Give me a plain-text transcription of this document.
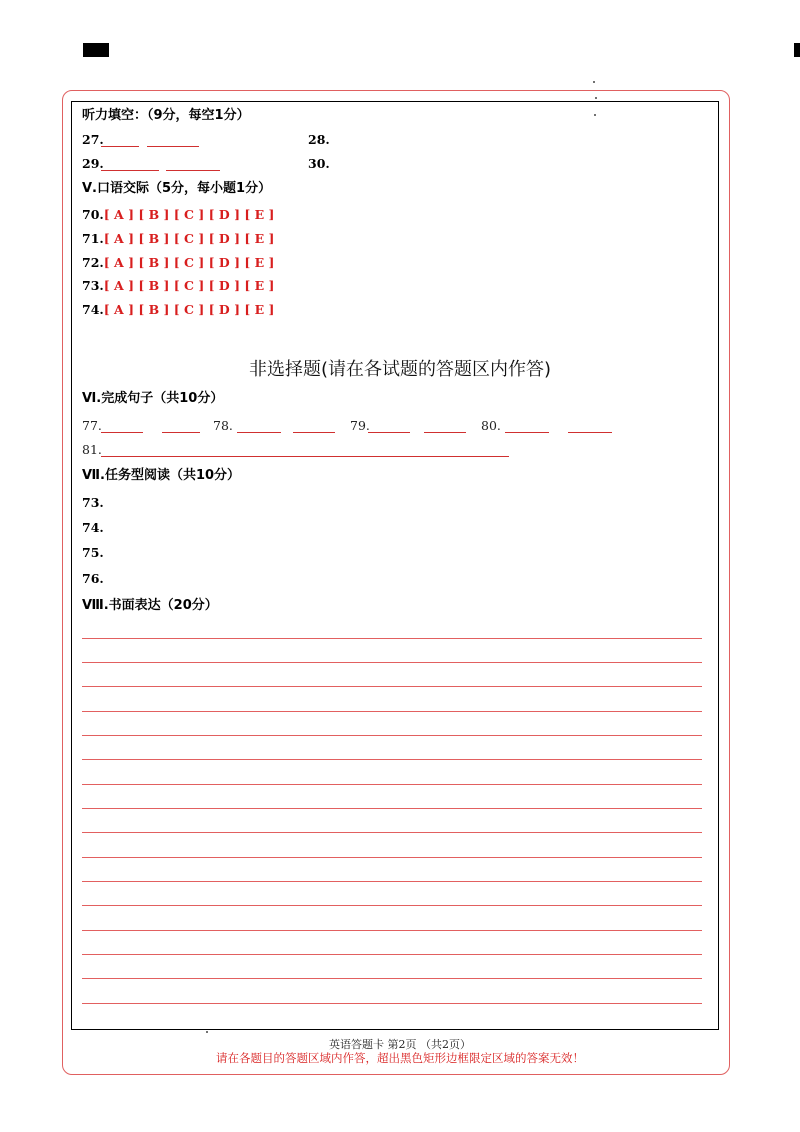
听力填空：（9分，每空1分）
27.	28.
29.	30.
Ⅴ.口语交际（5分，每小题1分）
70.[ A ] [ B ] [ C ] [ D ] [ E ]
71.[ A ] [ B ] [ C ] [ D ] [ E ]
72.[ A ] [ B ] [ C ] [ D ] [ E ]
73.[ A ] [ B ] [ C ] [ D ] [ E ]
74.[ A ] [ B ] [ C ] [ D ] [ E ]
非选择题(请在各试题的答题区内作答)
Ⅵ.完成句子（共10分）
77.	78.	79.	80.
81.
Ⅶ.任务型阅读（共10分）
73.
74.
75.
76.
Ⅷ.书面表达（20分）
英语答题卡 第2页 （共2页）
请在各题目的答题区域内作答，超出黑色矩形边框限定区域的答案无效！
